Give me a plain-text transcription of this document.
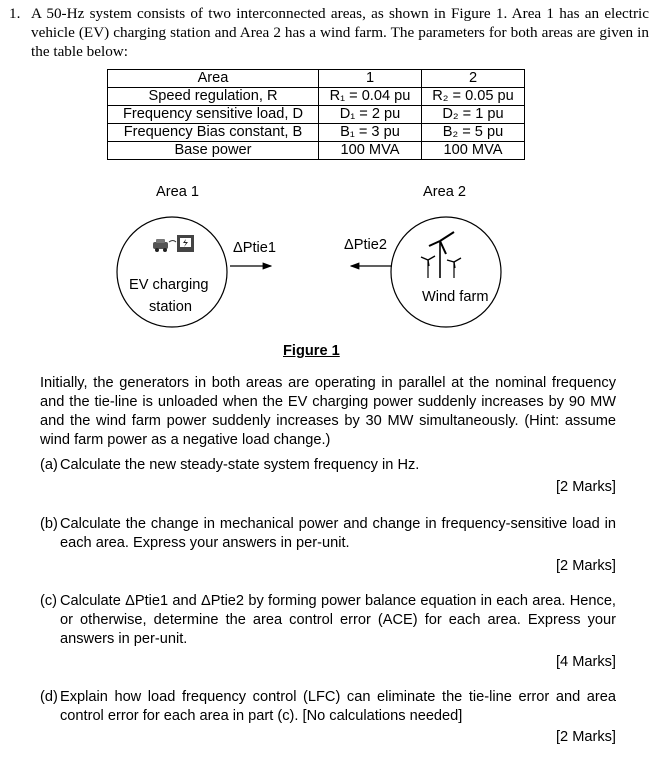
1. A 50-Hz system consists of two interconnected areas, as shown in Figure 1. Area 1 has an electric vehicle (EV) charging station and Area 2 has a wind farm. The parameters for both areas are given in the table below:
Area	1	2
Speed regulation, R	R₁ = 0.04 pu	R₂ = 0.05 pu
Frequency sensitive load, D	D₁ = 2 pu	D₂ = 1 pu
Frequency Bias constant, B	B₁ = 3 pu	B₂ = 5 pu
Base power	100 MVA	100 MVA
Area 1	Area 2
ΔPtie1	ΔPtie2
EV charging
station
Wind farm
Figure 1

Initially, the generators in both areas are operating in parallel at the nominal frequency and the tie-line is unloaded when the EV charging power suddenly increases by 90 MW and the wind farm power suddenly increases by 30 MW simultaneously. (Hint: assume wind farm power as a negative load change.)

(a) Calculate the new steady-state system frequency in Hz.

[2 Marks]

(b) Calculate the change in mechanical power and change in frequency-sensitive load in each area. Express your answers in per-unit.

[2 Marks]

(c) Calculate ΔPtie1 and ΔPtie2 by forming power balance equation in each area. Hence, or otherwise, determine the area control error (ACE) for each area. Express your answers in per-unit.

[4 Marks]

(d) Explain how load frequency control (LFC) can eliminate the tie-line error and area control error for each area in part (c). [No calculations needed]

[2 Marks]
